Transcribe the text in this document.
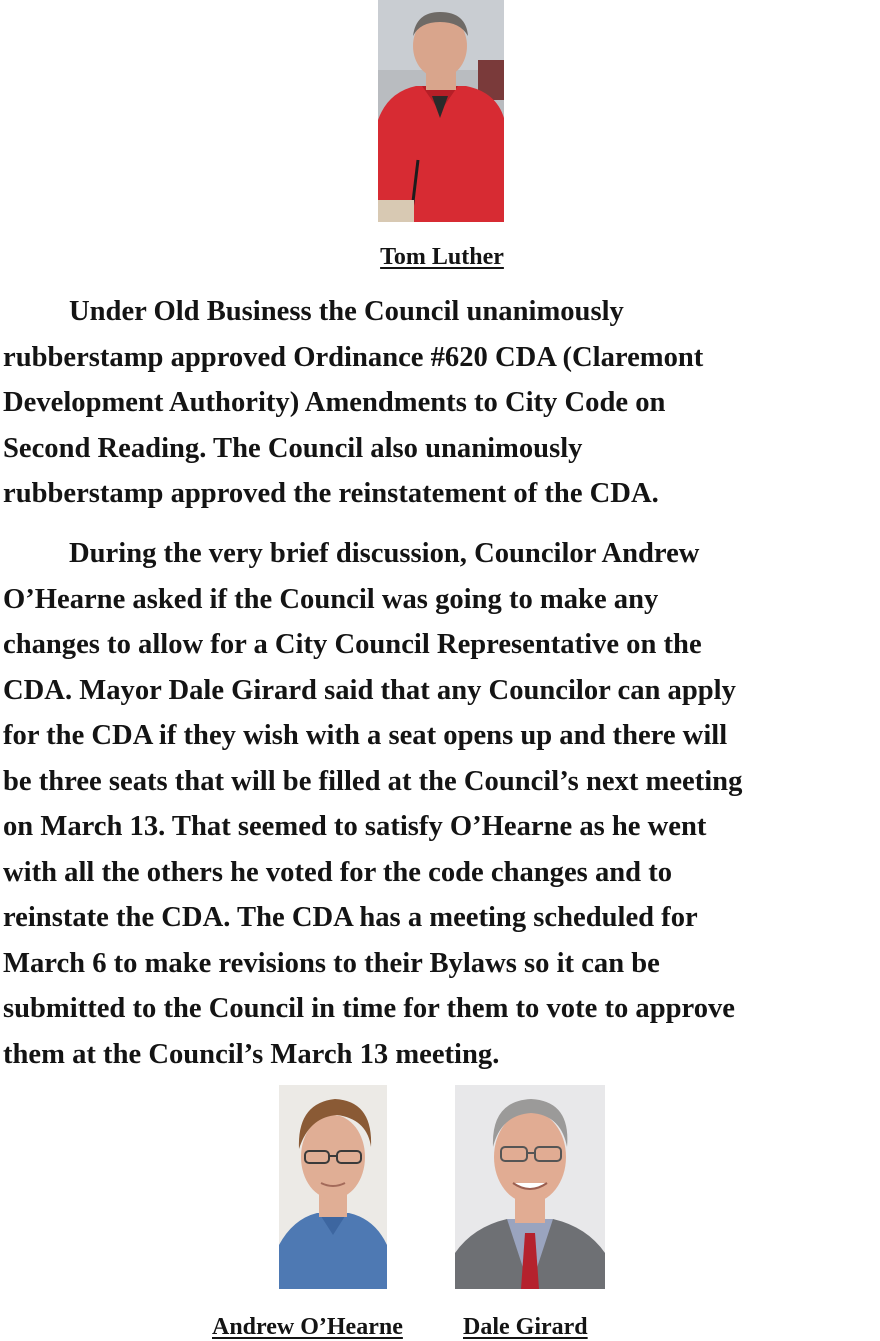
Tom Luther
Under Old Business the Council unanimously
rubberstamp approved Ordinance #620 CDA (Claremont
Development Authority) Amendments to City Code on
Second Reading. The Council also unanimously
rubberstamp approved the reinstatement of the CDA.
During the very brief discussion, Councilor Andrew
O’Hearne asked if the Council was going to make any
changes to allow for a City Council Representative on the
CDA. Mayor Dale Girard said that any Councilor can apply
for the CDA if they wish with a seat opens up and there will
be three seats that will be filled at the Council’s next meeting
on March 13. That seemed to satisfy O’Hearne as he went
with all the others he voted for the code changes and to
reinstate the CDA. The CDA has a meeting scheduled for
March 6 to make revisions to their Bylaws so it can be
submitted to the Council in time for them to vote to approve
them at the Council’s March 13 meeting.
Andrew O’Hearne	Dale Girard
